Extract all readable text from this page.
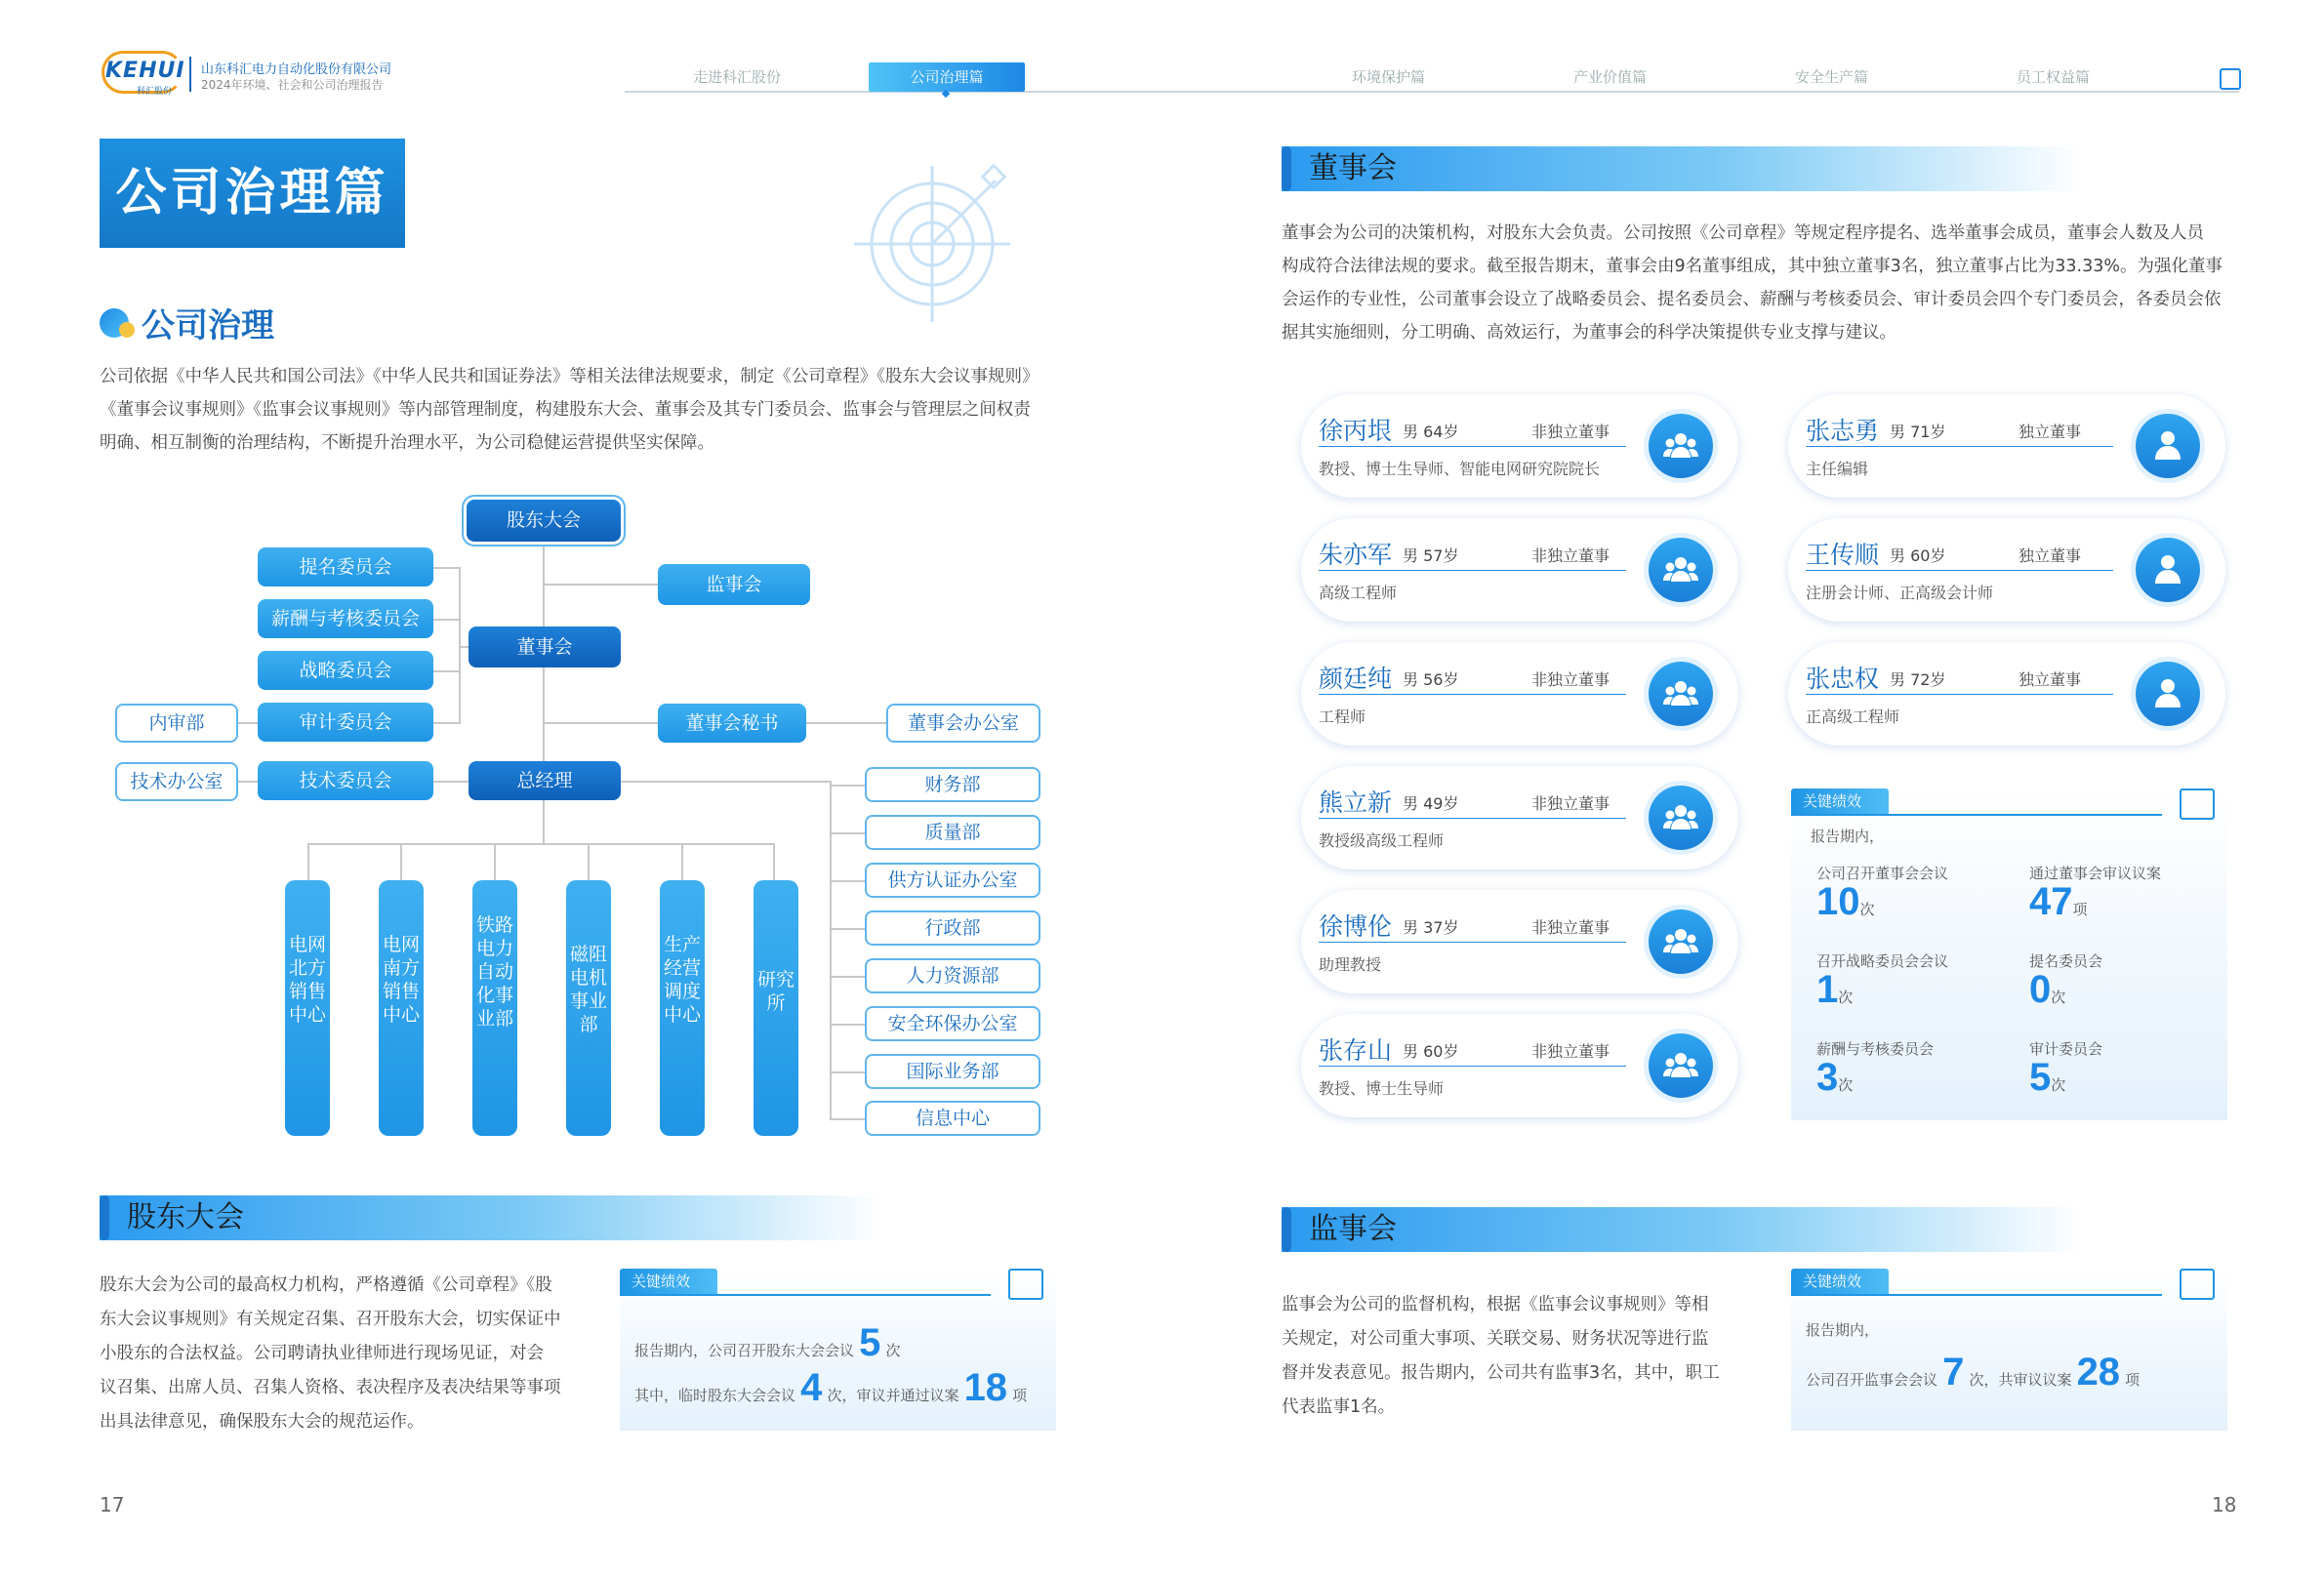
KEHUI
科汇股份
山东科汇电力自动化股份有限公司
2024年环境、社会和公司治理报告	走进科汇股份	公司治理篇	环境保护篇	产业价值篇	安全生产篇	员工权益篇
公司治理篇
公司治理
公司依据《中华人民共和国公司法》《中华人民共和国证券法》等相关法律法规要求，制定《公司章程》《股东大会议事规则》
《董事会议事规则》《监事会议事规则》等内部管理制度，构建股东大会、董事会及其专门委员会、监事会与管理层之间权责
明确、相互制衡的治理结构，不断提升治理水平，为公司稳健运营提供坚实保障。
股东大会
监事会
董事会
提名委员会
薪酬与考核委员会
战略委员会
审计委员会
技术委员会
内审部
技术办公室
董事会秘书	董事会办公室
总经理	财务部
质量部
供方认证办公室
行政部
人力资源部
安全环保办公室
国际业务部
信息中心
电网北方销售中心
电网南方销售中心
铁路电力自动化事业部
磁阻电机事业部
生产经营调度中心
研究所
股东大会
股东大会为公司的最高权力机构，严格遵循《公司章程》《股
东大会议事规则》有关规定召集、召开股东大会，切实保证中
小股东的合法权益。公司聘请执业律师进行现场见证，对会
议召集、出席人员、召集人资格、表决程序及表决结果等事项
出具法律意见，确保股东大会的规范运作。
关键绩效
报告期内，公司召开股东大会会议 5 次
其中，临时股东大会会议 4 次，审议并通过议案 18 项
17
董事会
董事会为公司的决策机构，对股东大会负责。公司按照《公司章程》等规定程序提名、选举董事会成员，董事会人数及人员
构成符合法律法规的要求。截至报告期末，董事会由9名董事组成，其中独立董事3名，独立董事占比为33.33%。为强化董事
会运作的专业性，公司董事会设立了战略委员会、提名委员会、薪酬与考核委员会、审计委员会四个专门委员会，各委员会依
据其实施细则，分工明确、高效运行，为董事会的科学决策提供专业支撑与建议。
徐丙垠 男 64岁	非独立董事
教授、博士生导师、智能电网研究院院长
朱亦军 男 57岁	非独立董事
高级工程师
颜廷纯 男 56岁	非独立董事
工程师
熊立新 男 49岁	非独立董事
教授级高级工程师
徐博伦 男 37岁	非独立董事
助理教授
张存山 男 60岁	非独立董事
教授、博士生导师
张志勇 男 71岁	独立董事
主任编辑
王传顺 男 60岁	独立董事
注册会计师、正高级会计师
张忠权 男 72岁	独立董事
正高级工程师
关键绩效
报告期内，
公司召开董事会会议
10次
通过董事会审议议案
47项
召开战略委员会会议
1次
提名委员会
0次
薪酬与考核委员会
3次
审计委员会
5次
监事会
监事会为公司的监督机构，根据《监事会议事规则》等相
关规定，对公司重大事项、关联交易、财务状况等进行监
督并发表意见。报告期内，公司共有监事3名，其中，职工
代表监事1名。
关键绩效
报告期内，
公司召开监事会会议 7 次，共审议议案 28 项
18
